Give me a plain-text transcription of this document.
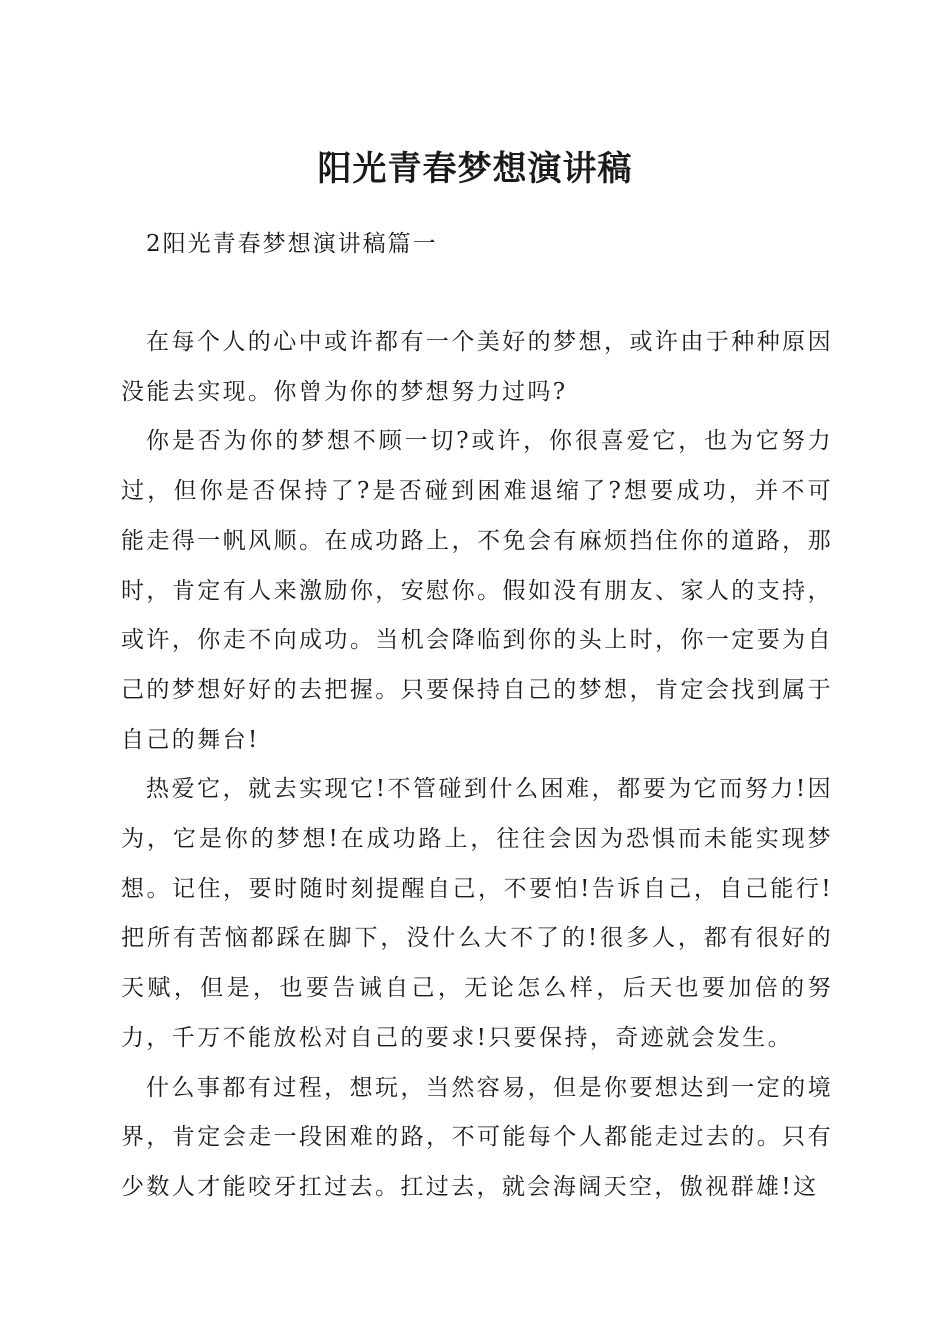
阳光青春梦想演讲稿
2阳光青春梦想演讲稿篇一

在每个人的心中或许都有一个美好的梦想，或许由于种种原因没能去实现。你曾为你的梦想努力过吗?

你是否为你的梦想不顾一切?或许，你很喜爱它，也为它努力过，但你是否保持了?是否碰到困难退缩了?想要成功，并不可能走得一帆风顺。在成功路上，不免会有麻烦挡住你的道路，那时，肯定有人来激励你，安慰你。假如没有朋友、家人的支持，或许，你走不向成功。当机会降临到你的头上时，你一定要为自己的梦想好好的去把握。只要保持自己的梦想，肯定会找到属于自己的舞台!

热爱它，就去实现它!不管碰到什么困难，都要为它而努力!因为，它是你的梦想!在成功路上，往往会因为恐惧而未能实现梦想。记住，要时随时刻提醒自己，不要怕!告诉自己，自己能行!把所有苦恼都踩在脚下，没什么大不了的!很多人，都有很好的天赋，但是，也要告诫自己，无论怎么样，后天也要加倍的努力，千万不能放松对自己的要求!只要保持，奇迹就会发生。

什么事都有过程，想玩，当然容易，但是你要想达到一定的境界，肯定会走一段困难的路，不可能每个人都能走过去的。只有少数人才能咬牙扛过去。扛过去，就会海阔天空，傲视群雄!这
